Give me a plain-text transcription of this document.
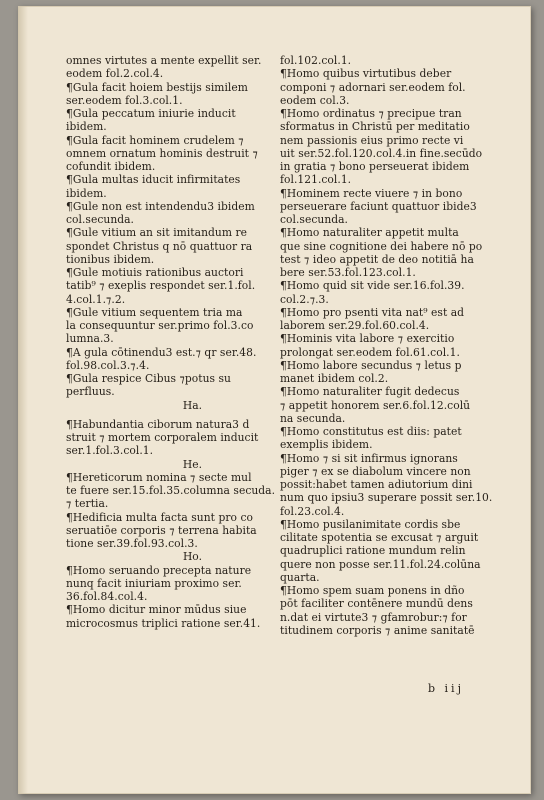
omnes virtutes a mente expellit ser.
eodem fol.2.col.4.
¶Gula facit hoiem bestijs similem
ser.eodem fol.3.col.1.
¶Gula peccatum iniurie inducit
ibidem.
¶Gula facit hominem crudelem ⁊
omnem ornatum hominis destruit ⁊
cofundit ibidem.
¶Gula multas iducit infirmitates
ibidem.
¶Gule non est intendendu3 ibidem
col.secunda.
¶Gule vitium an sit imitandum re
spondet Christus q nō quattuor ra
tionibus ibidem.
¶Gule motiuis rationibus auctori
tatib⁹ ⁊ exeplis respondet ser.1.fol.
4.col.1.⁊.2.
¶Gule vitium sequentem tria ma
la consequuntur ser.primo fol.3.co
lumna.3.
¶A gula cōtinendu3 est.⁊ qr ser.48.
fol.98.col.3.⁊.4.
¶Gula respice Cibus ⁊potus su
perfluus.
Ha.
¶Habundantia ciborum natura3 d
struit ⁊ mortem corporalem inducit
ser.1.fol.3.col.1.
He.
¶Hereticorum nomina ⁊ secte mul
te fuere ser.15.fol.35.columna secuda.
⁊ tertia.
¶Hedificia multa facta sunt pro co
seruatiōe corporis ⁊ terrena habita
tione ser.39.fol.93.col.3.
Ho.
¶Homo seruando precepta nature
nunq facit iniuriam proximo ser.
36.fol.84.col.4.
¶Homo dicitur minor mūdus siue
microcosmus triplici ratione ser.41.
fol.102.col.1.
¶Homo quibus virtutibus deber
componi ⁊ adornari ser.eodem fol.
eodem col.3.
¶Homo ordinatus ⁊ precipue tran
sformatus in Christū per meditatio
nem passionis eius primo recte vi
uit ser.52.fol.120.col.4.in fine.secūdo
in gratia ⁊ bono perseuerat ibidem
fol.121.col.1.
¶Hominem recte viuere ⁊ in bono
perseuerare faciunt quattuor ibide3
col.secunda.
¶Homo naturaliter appetit multa
que sine cognitione dei habere nō po
test ⁊ ideo appetit de deo notitiā ha
bere ser.53.fol.123.col.1.
¶Homo quid sit vide ser.16.fol.39.
col.2.⁊.3.
¶Homo pro psenti vita nat⁹ est ad
laborem ser.29.fol.60.col.4.
¶Hominis vita labore ⁊ exercitio
prolongat ser.eodem fol.61.col.1.
¶Homo labore secundus ⁊ letus p
manet ibidem col.2.
¶Homo naturaliter fugit dedecus
⁊ appetit honorem ser.6.fol.12.colū
na secunda.
¶Homo constitutus est diis: patet
exemplis ibidem.
¶Homo ⁊ si sit infirmus ignorans
piger ⁊ ex se diabolum vincere non
possit:habet tamen adiutorium dini
num quo ipsiu3 superare possit ser.10.
fol.23.col.4.
¶Homo pusilanimitate cordis sbe
cilitate spotentia se excusat ⁊ arguit
quadruplici ratione mundum relin
quere non posse ser.11.fol.24.colūna
quarta.
¶Homo spem suam ponens in dño
pōt faciliter contēnere mundū dens
n.dat ei virtute3 ⁊ gfamrobur:⁊ for
titudinem corporis ⁊ anime sanitatē
b iij
